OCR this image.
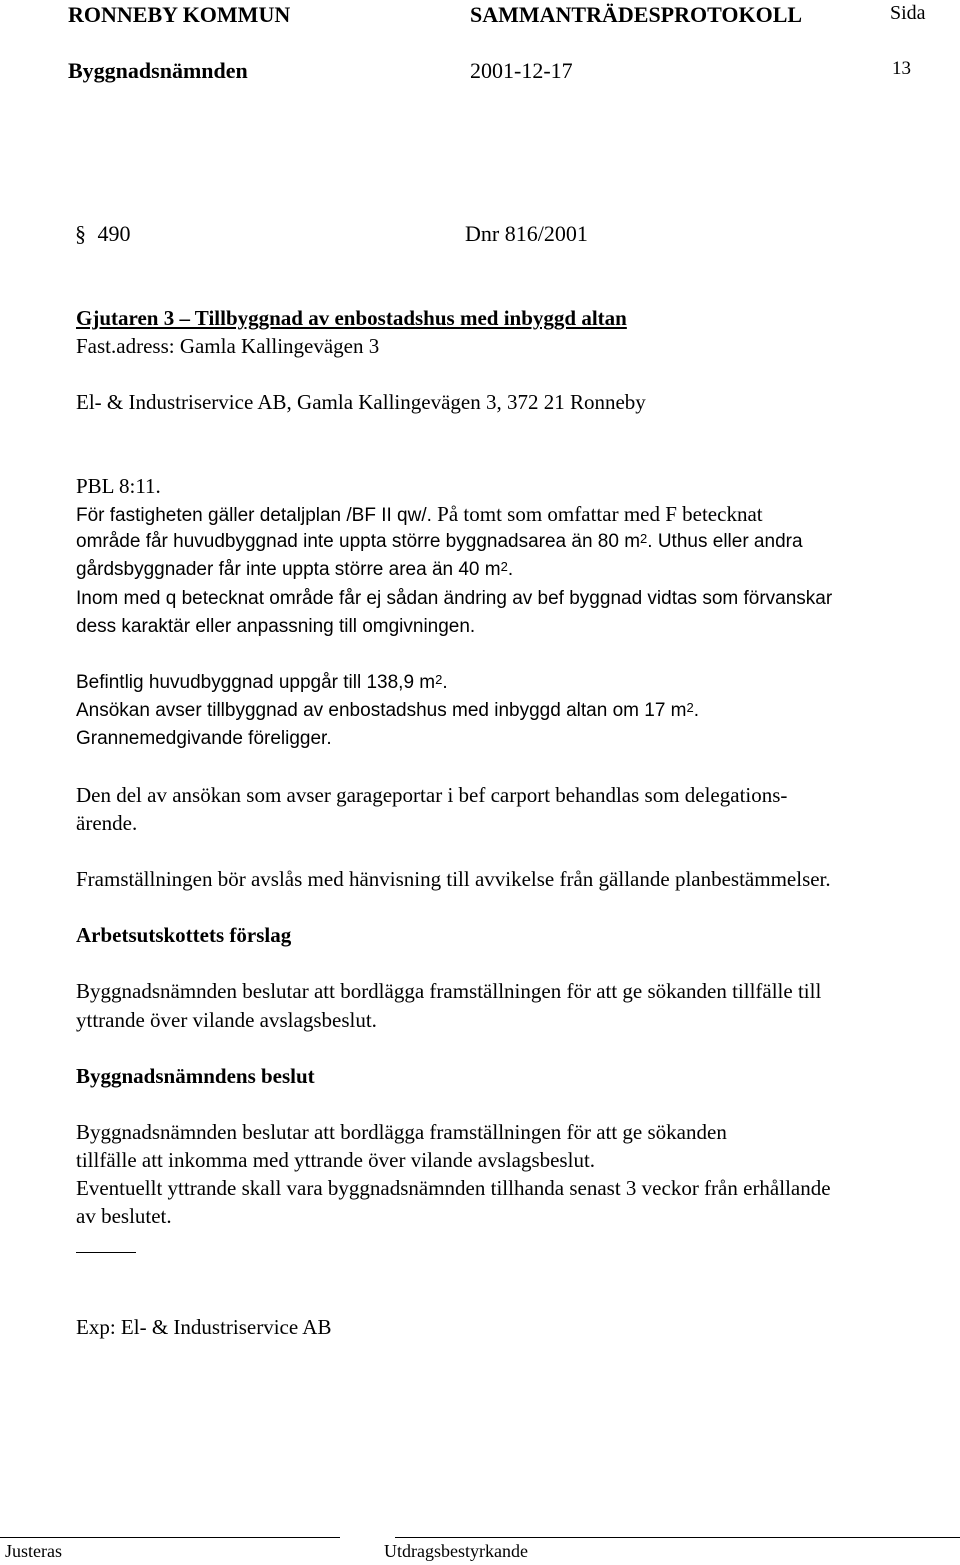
RONNEBY KOMMUN	SAMMANTRÄDESPROTOKOLL	Sida
Byggnadsnämnden	2001-12-17	13
§ 490	Dnr 816/2001
Gjutaren 3 – Tillbyggnad av enbostadshus med inbyggd altan
Fast.adress: Gamla Kallingevägen 3
El- & Industriservice AB, Gamla Kallingevägen 3, 372 21 Ronneby
PBL 8:11.
För fastigheten gäller detaljplan /BF II qw/. På tomt som omfattar med F betecknat
område får huvudbyggnad inte uppta större byggnadsarea än 80 $m^2$. Uthus eller andra
gårdsbyggnader får inte uppta större area än 40 $m^2$.
Inom med q betecknat område får ej sådan ändring av bef byggnad vidtas som förvanskar
dess karaktär eller anpassning till omgivningen.
Befintlig huvudbyggnad uppgår till 138,9 $m^2$.
Ansökan avser tillbyggnad av enbostadshus med inbyggd altan om 17 $m^2$.
Grannemedgivande föreligger.
Den del av ansökan som avser garageportar i bef carport behandlas som delegations-
ärende.
Framställningen bör avslås med hänvisning till avvikelse från gällande planbestämmelser.
Arbetsutskottets förslag
Byggnadsnämnden beslutar att bordlägga framställningen för att ge sökanden tillfälle till
yttrande över vilande avslagsbeslut.
Byggnadsnämndens beslut
Byggnadsnämnden beslutar att bordlägga framställningen för att ge sökanden
tillfälle att inkomma med yttrande över vilande avslagsbeslut.
Eventuellt yttrande skall vara byggnadsnämnden tillhanda senast 3 veckor från erhållande
av beslutet.
Exp: El- & Industriservice AB
Justeras	Utdragsbestyrkande
